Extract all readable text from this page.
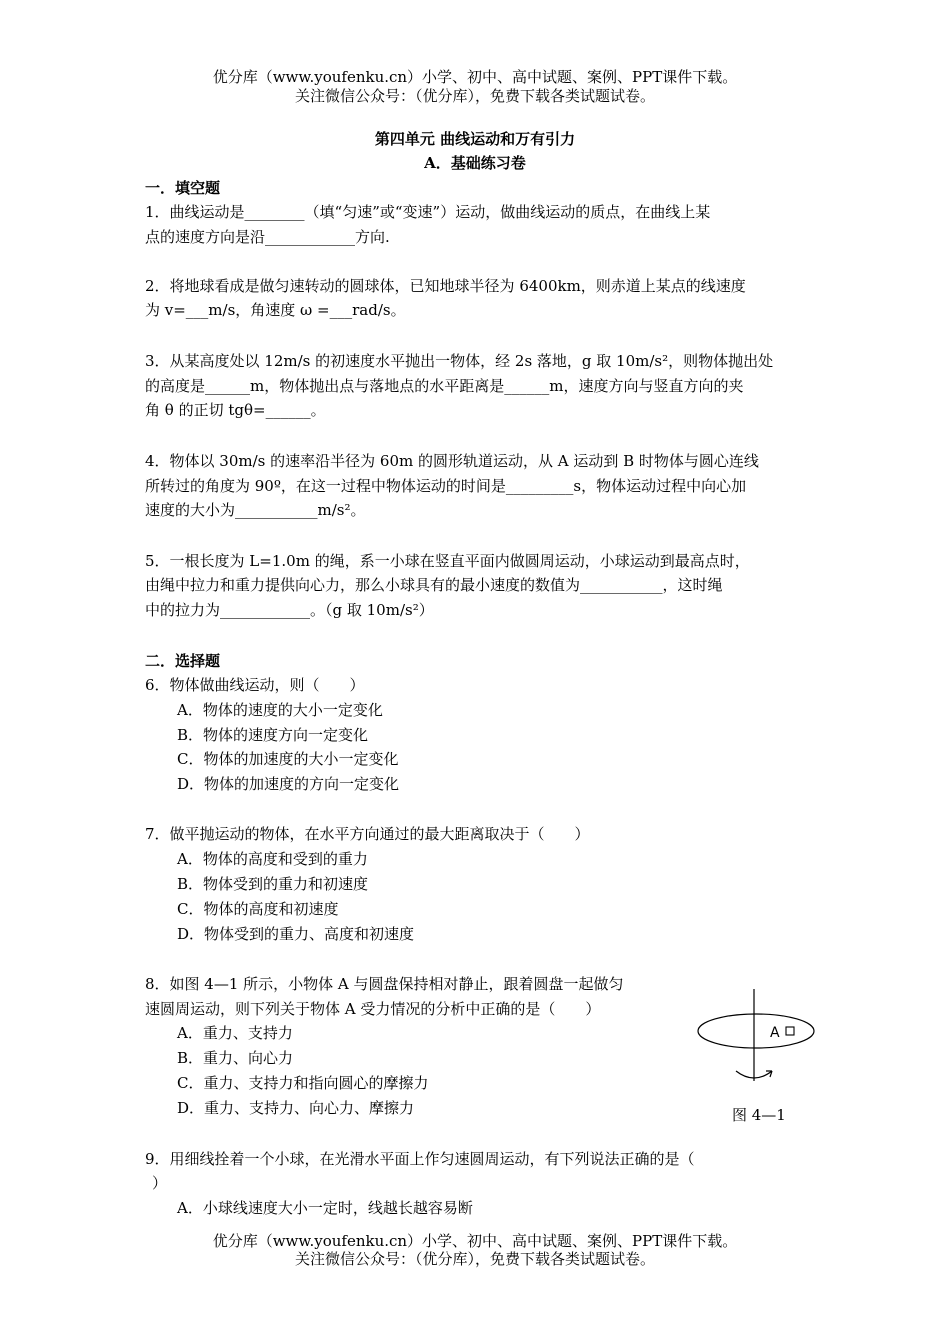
优分库（www.youfenku.cn）小学、初中、高中试题、案例、PPT课件下载。
关注微信公众号：（优分库），免费下载各类试题试卷。
第四单元 曲线运动和万有引力
A．基础练习卷
一．填空题
1．曲线运动是________（填“匀速”或“变速”）运动，做曲线运动的质点，在曲线上某
点的速度方向是沿____________方向.
2．将地球看成是做匀速转动的圆球体，已知地球半径为 6400km，则赤道上某点的线速度
为 v=___m/s，角速度 ω =___rad/s。
3．从某高度处以 12m/s 的初速度水平抛出一物体，经 2s 落地，g 取 10m/s²，则物体抛出处
的高度是______m，物体抛出点与落地点的水平距离是______m，速度方向与竖直方向的夹
角 θ 的正切 tgθ=______。
4．物体以 30m/s 的速率沿半径为 60m 的圆形轨道运动，从 A 运动到 B 时物体与圆心连线
所转过的角度为 90º，在这一过程中物体运动的时间是_________s，物体运动过程中向心加
速度的大小为___________m/s²。
5．一根长度为 L=1.0m 的绳，系一小球在竖直平面内做圆周运动，小球运动到最高点时，
由绳中拉力和重力提供向心力，那么小球具有的最小速度的数值为___________，这时绳
中的拉力为____________。（g 取 10m/s²）
二．选择题
6．物体做曲线运动，则（　　）
A．物体的速度的大小一定变化
B．物体的速度方向一定变化
C．物体的加速度的大小一定变化
D．物体的加速度的方向一定变化
7．做平抛运动的物体，在水平方向通过的最大距离取决于（　　）
A．物体的高度和受到的重力
B．物体受到的重力和初速度
C．物体的高度和初速度
D．物体受到的重力、高度和初速度
8．如图 4—1 所示，小物体 A 与圆盘保持相对静止，跟着圆盘一起做匀
速圆周运动，则下列关于物体 A 受力情况的分析中正确的是（　　）
A．重力、支持力
B．重力、向心力
C．重力、支持力和指向圆心的摩擦力
D．重力、支持力、向心力、摩擦力
A
图 4—1
9．用细线拴着一个小球，在光滑水平面上作匀速圆周运动，有下列说法正确的是（
）
A．小球线速度大小一定时，线越长越容易断
优分库（www.youfenku.cn）小学、初中、高中试题、案例、PPT课件下载。
关注微信公众号：（优分库），免费下载各类试题试卷。
